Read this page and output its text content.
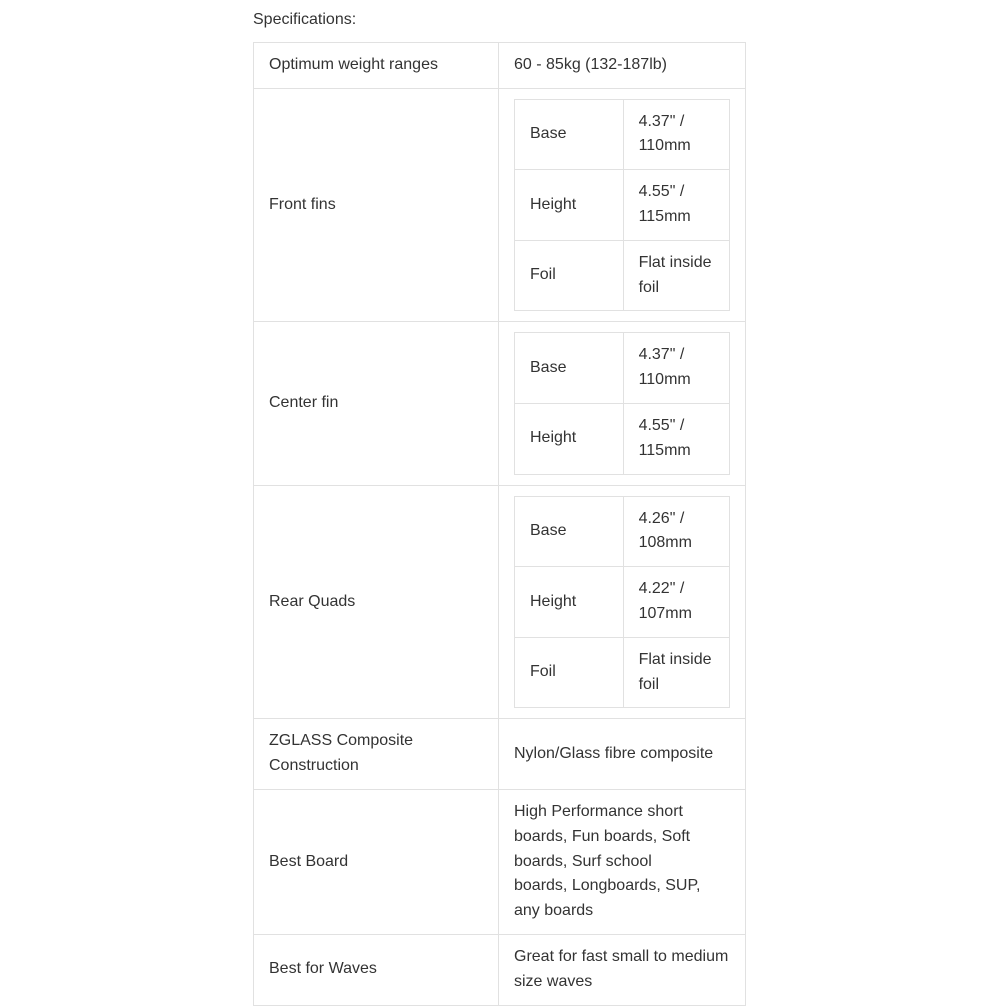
Specifications:
Optimum weight ranges	60 - 85kg (132-187lb)
Front fins	
Base	4.37" / 110mm
Height	4.55" / 115mm
Foil	Flat inside foil

Center fin	
Base	4.37" / 110mm
Height	4.55" / 115mm

Rear Quads	
Base	4.26" / 108mm
Height	4.22" / 107mm
Foil	Flat inside foil

ZGLASS Composite Construction	Nylon/Glass fibre composite
Best Board	High Performance short boards, Fun boards, Soft boards, Surf school
boards, Longboards, SUP, any boards
Best for Waves	Great for fast small to medium size waves
